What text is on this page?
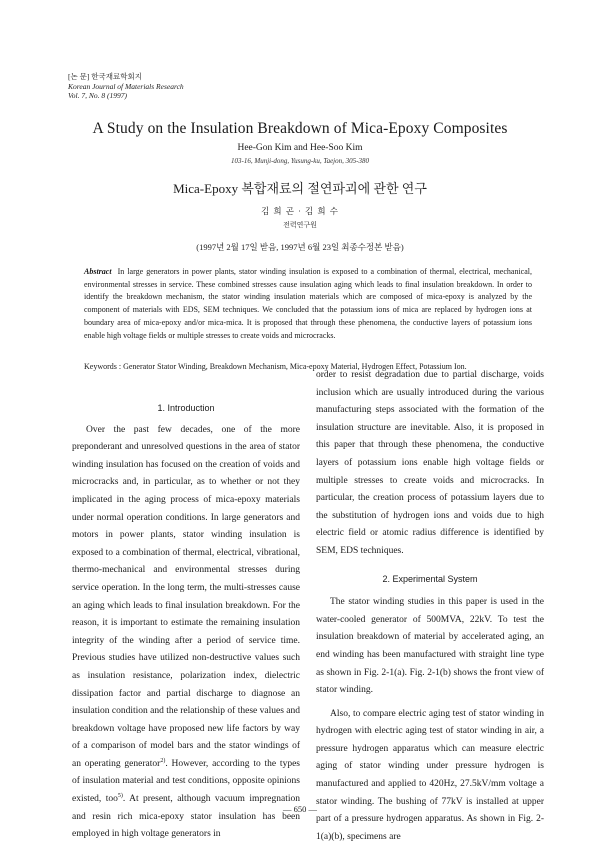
[논 문] 한국재료학회지
Korean Journal of Materials Research
Vol. 7, No. 8 (1997)
A Study on the Insulation Breakdown of Mica-Epoxy Composites
Hee-Gon Kim and Hee-Soo Kim
103-16, Munji-dong, Yusung-ku, Taejon, 305-380
Mica-Epoxy 복합재료의 절연파괴에 관한 연구
김 희 곤 · 김 희 수
전력연구원
(1997년 2월 17일 받음, 1997년 6월 23일 최종수정본 받음)
Abstract In large generators in power plants, stator winding insulation is exposed to a combination of thermal, electrical, mechanical, environmental stresses in service. These combined stresses cause insulation aging which leads to final insulation breakdown. In order to identify the breakdown mechanism, the stator winding insulation materials which are composed of mica-epoxy is analyzed by the component of materials with EDS, SEM techniques. We concluded that the potassium ions of mica are replaced by hydrogen ions at boundary area of mica-epoxy and/or mica-mica. It is proposed that through these phenomena, the conductive layers of potassium ions enable high voltage fields or multiple stresses to create voids and microcracks.
Keywords : Generator Stator Winding, Breakdown Mechanism, Mica-epoxy Material, Hydrogen Effect, Potassium Ion.

1. Introduction

Over the past few decades, one of the more preponderant and unresolved questions in the area of stator winding insulation has focused on the creation of voids and microcracks and, in particular, as to whether or not they implicated in the aging process of mica-epoxy materials under normal operation conditions. In large generators and motors in power plants, stator winding insulation is exposed to a combination of thermal, electrical, vibrational, thermo-mechanical and environmental stresses during service operation. In the long term, the multi-stresses cause an aging which leads to final insulation breakdown. For the reason, it is important to estimate the remaining insulation integrity of the winding after a period of service time. Previous studies have utilized non-destructive values such as insulation resistance, polarization index, dielectric dissipation factor and partial discharge to diagnose an insulation condition and the relationship of these values and breakdown voltage have proposed new life factors by way of a comparison of model bars and the stator windings of an operating generator$^{2)}$. However, according to the types of insulation material and test conditions, opposite opinions existed, too$^{5)}$. At present, although vacuum impregnation and resin rich mica-epoxy stator insulation has been employed in high voltage generators in

order to resist degradation due to partial discharge, voids inclusion which are usually introduced during the various manufacturing steps associated with the formation of the insulation structure are inevitable. Also, it is proposed in this paper that through these phenomena, the conductive layers of potassium ions enable high voltage fields or multiple stresses to create voids and microcracks. In particular, the creation process of potassium layers due to the substitution of hydrogen ions and voids due to high electric field or atomic radius difference is identified by SEM, EDS techniques.

2. Experimental System

The stator winding studies in this paper is used in the water-cooled generator of 500MVA, 22kV. To test the insulation breakdown of material by accelerated aging, an end winding has been manufactured with straight line type as shown in Fig. 2-1(a). Fig. 2-1(b) shows the front view of stator winding.

Also, to compare electric aging test of stator winding in hydrogen with electric aging test of stator winding in air, a pressure hydrogen apparatus which can measure electric aging of stator winding under pressure hydrogen is manufactured and applied to 420Hz, 27.5kV/mm voltage a stator winding. The bushing of 77kV is installed at upper part of a pressure hydrogen apparatus. As shown in Fig. 2-1(a)(b), specimens are

— 650 —
